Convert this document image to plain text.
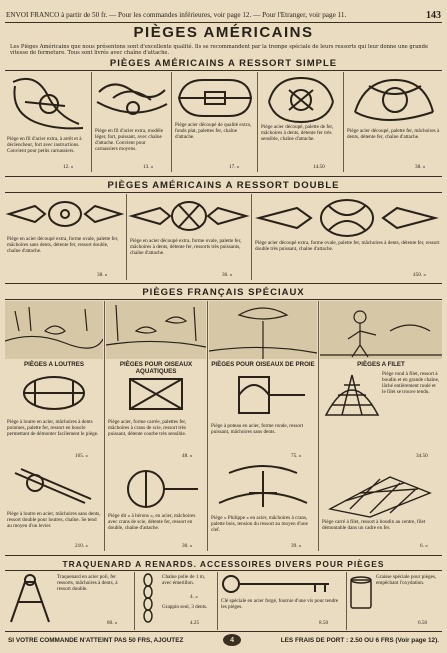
ENVOI FRANCO à partir de 50 fr. — Pour les commandes inférieures, voir page 12. — Pour l'Etranger, voir page 11.	143
PIÈGES AMÉRICAINS
Les Pièges Américains que nous présentons sont d'excellente qualité. Ils se recommandent par la trempe spéciale de leurs ressorts qui leur donne une grande vitesse de fermeture. Tous sont livrés avec chaîne d'attache.
PIÈGES AMÉRICAINS A RESSORT SIMPLE
Piège en fil d'acier extra, à arrêt et à déclencheur, fort avec instructions. Convient pour petits carnassiers.
12. »
Piège en fil d'acier extra, modèle léger, fort, puissant, avec chaîne d'attache. Convient pour carnassiers moyens.
13. »
Piège acier découpé de qualité extra, fonds plat, palettes fer, chaîne d'attache.
17. »
Piège acier découpé, palette de fer, mâchoires à dents, détente fer très sensible, chaîne d'attache.
14.50
Piège acier découpé, palette fer, mâchoires à dents, détente fer, chaîne d'attache.
38. »
PIÈGES AMÉRICAINS A RESSORT DOUBLE
Piège en acier découpé extra, forme ovale, palette fer, mâchoires sans dents, détente fer, ressort double, chaîne d'attache.
38. »
Piège en acier découpé extra, forme ovale, palette fer, mâchoires à dents, détente fer, ressorts très puissants, chaîne d'attache.
36. »
Piège acier découpé extra, forme ovale, palette fer, mâchoires à dents, détente fer, ressort double très puissant, chaîne d'attache.
450. »
PIÈGES FRANÇAIS SPÉCIAUX
PIÈGES A LOUTRES
Piège à loutre en acier, mâchoires à dents pointues, palette fer, ressort en boucle permettant de démonter facilement le piège.
165. »
Piège à loutre en acier, mâchoires sans dents, ressort double pour loutres, chaîne. Se tend au moyen d'un levier.
210. »
PIÈGES POUR OISEAUX AQUATIQUES
Piège acier, forme carrée, palettes fer, mâchoires à crans de scie, ressort très puissant, détente courbe très sensible.
48. »
Piège dit « à hérons », en acier, mâchoires avec crans de scie, détente fer, ressort en double, chaîne d'attache.
30. »
PIÈGES POUR OISEAUX DE PROIE
Piège à poteau en acier, forme ronde, ressort puissant, mâchoires sans dents.
75. »
Piège « Philippe » en acier, mâchoires à crans, palette bois, tension du ressort au moyen d'une clef.
39. »
PIÈGES A FILET
Piège rond à filet, ressort à boudin et en grande chaîne, lâché entièrement roulé et le filet se trouve tendu.
34.50
Piège carré à filet, ressort à boudin au centre, filet démontable dans un cadre en fer.
6. »
TRAQUENARD A RENARDS. ACCESSOIRES DIVERS POUR PIÈGES
Traquenard en acier poli, fer ressorts, mâchoires à dents, à ressort double.
80. »
Chaîne polie de 1 m, avec émerillon.
4. »
Grappin seul, 3 dents.
4.25
Clé spéciale en acier forgé, fournie d'une vis pour tendre les pièges.
8.50
Graisse spéciale pour pièges, empêchant l'oxydation.
6.50
SI VOTRE COMMANDE N'ATTEINT PAS 50 FRS, AJOUTEZ	4	LES FRAIS DE PORT : 2.50 OU 6 FRS (Voir page 12).
